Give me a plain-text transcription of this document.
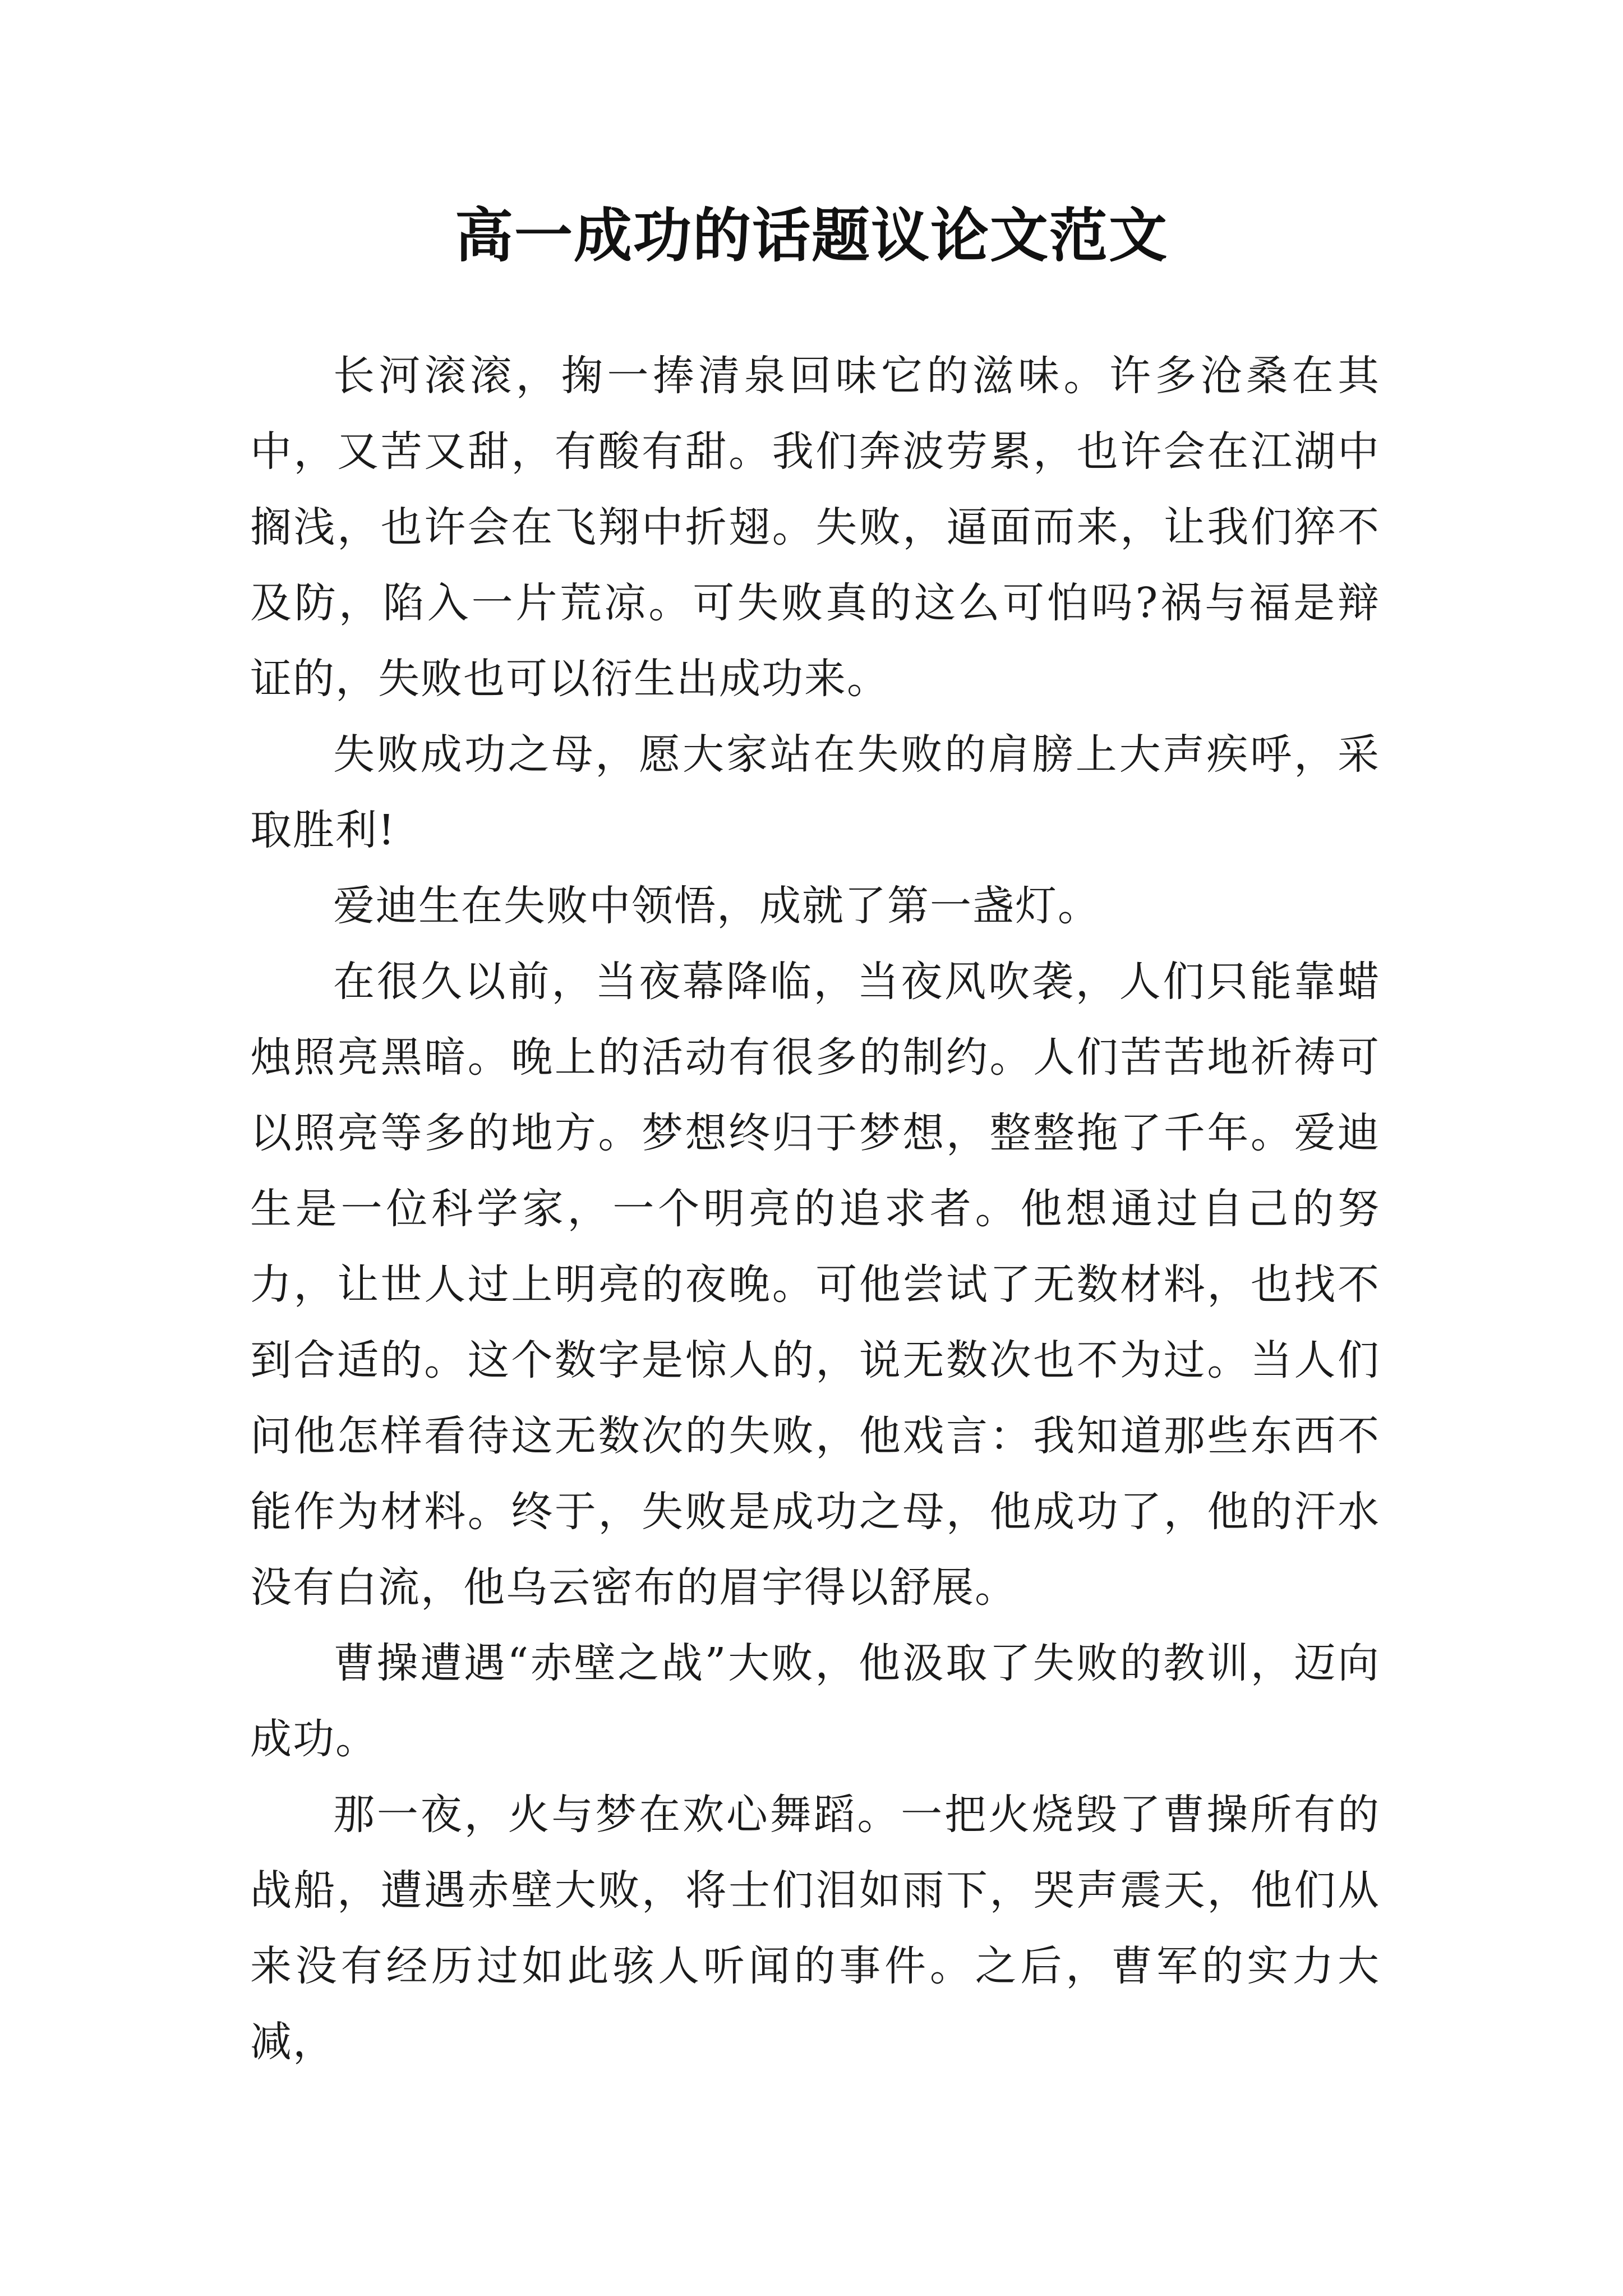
高一成功的话题议论文范文

长河滚滚，掬一捧清泉回味它的滋味。许多沧桑在其中，又苦又甜，有酸有甜。我们奔波劳累，也许会在江湖中搁浅，也许会在飞翔中折翅。失败，逼面而来，让我们猝不及防，陷入一片荒凉。可失败真的这么可怕吗?祸与福是辩证的，失败也可以衍生出成功来。

失败成功之母，愿大家站在失败的肩膀上大声疾呼，采取胜利!

爱迪生在失败中领悟，成就了第一盏灯。

在很久以前，当夜幕降临，当夜风吹袭，人们只能靠蜡烛照亮黑暗。晚上的活动有很多的制约。人们苦苦地祈祷可以照亮等多的地方。梦想终归于梦想，整整拖了千年。爱迪生是一位科学家，一个明亮的追求者。他想通过自己的努力，让世人过上明亮的夜晚。可他尝试了无数材料，也找不到合适的。这个数字是惊人的，说无数次也不为过。当人们问他怎样看待这无数次的失败，他戏言：我知道那些东西不能作为材料。终于，失败是成功之母，他成功了，他的汗水没有白流，他乌云密布的眉宇得以舒展。

曹操遭遇“赤壁之战”大败，他汲取了失败的教训，迈向成功。

那一夜，火与梦在欢心舞蹈。一把火烧毁了曹操所有的战船，遭遇赤壁大败，将士们泪如雨下，哭声震天，他们从来没有经历过如此骇人听闻的事件。之后，曹军的实力大减，
